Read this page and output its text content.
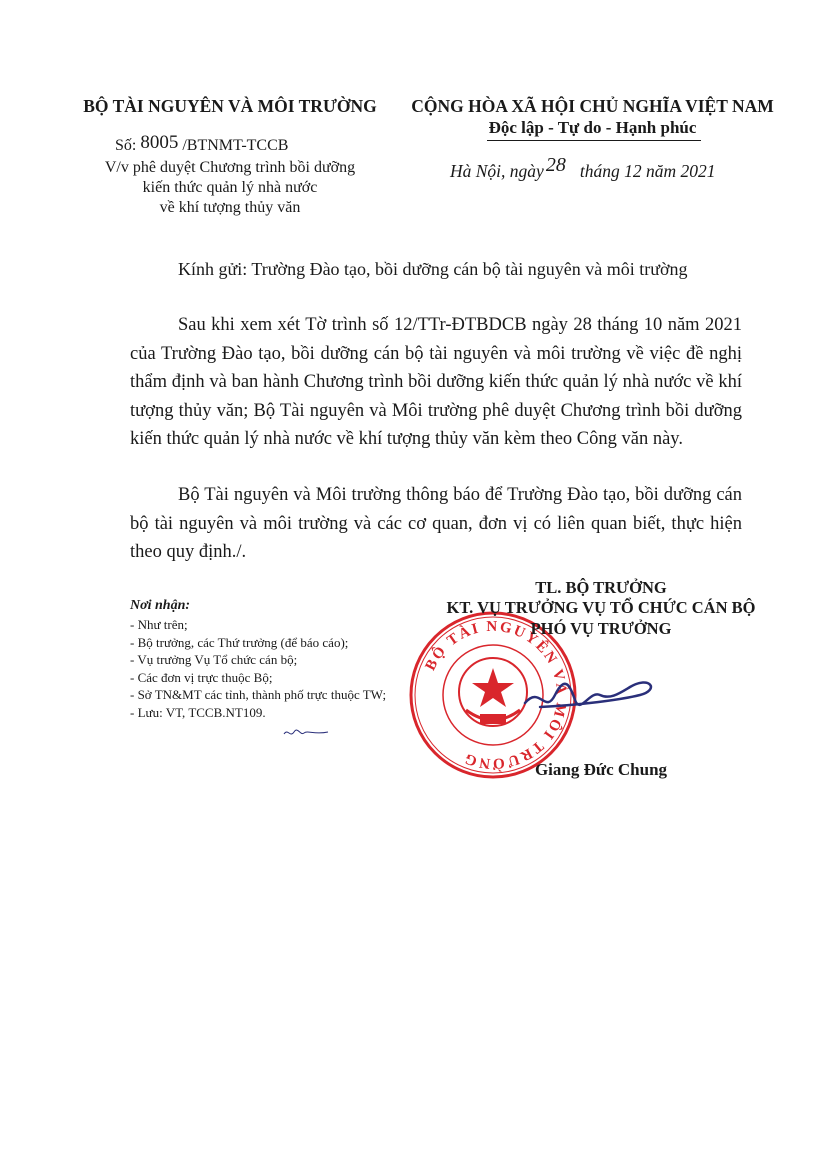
BỘ TÀI NGUYÊN VÀ MÔI TRƯỜNG
Số: 8005 /BTNMT-TCCB
V/v phê duyệt Chương trình bồi dưỡng
kiến thức quản lý nhà nước
về khí tượng thủy văn
CỘNG HÒA XÃ HỘI CHỦ NGHĨA VIỆT NAM
Độc lập - Tự do - Hạnh phúc
Hà Nội, ngày 28 tháng 12 năm 2021
Kính gửi: Trường Đào tạo, bồi dưỡng cán bộ tài nguyên và môi trường

Sau khi xem xét Tờ trình số 12/TTr-ĐTBDCB ngày 28 tháng 10 năm 2021 của Trường Đào tạo, bồi dưỡng cán bộ tài nguyên và môi trường về việc đề nghị thẩm định và ban hành Chương trình bồi dưỡng kiến thức quản lý nhà nước về khí tượng thủy văn; Bộ Tài nguyên và Môi trường phê duyệt Chương trình bồi dưỡng kiến thức quản lý nhà nước về khí tượng thủy văn kèm theo Công văn này.

Bộ Tài nguyên và Môi trường thông báo để Trường Đào tạo, bồi dưỡng cán bộ tài nguyên và môi trường và các cơ quan, đơn vị có liên quan biết, thực hiện theo quy định./.

BỘ TÀI NGUYÊN VÀ MÔI TRƯỜNG
TL. BỘ TRƯỞNG
KT. VỤ TRƯỞNG VỤ TỔ CHỨC CÁN BỘ
PHÓ VỤ TRƯỞNG
Giang Đức Chung
Nơi nhận:
- Như trên;
- Bộ trưởng, các Thứ trưởng (để báo cáo);
- Vụ trưởng Vụ Tổ chức cán bộ;
- Các đơn vị trực thuộc Bộ;
- Sở TN&MT các tỉnh, thành phố trực thuộc TW;
- Lưu: VT, TCCB.NT109.
